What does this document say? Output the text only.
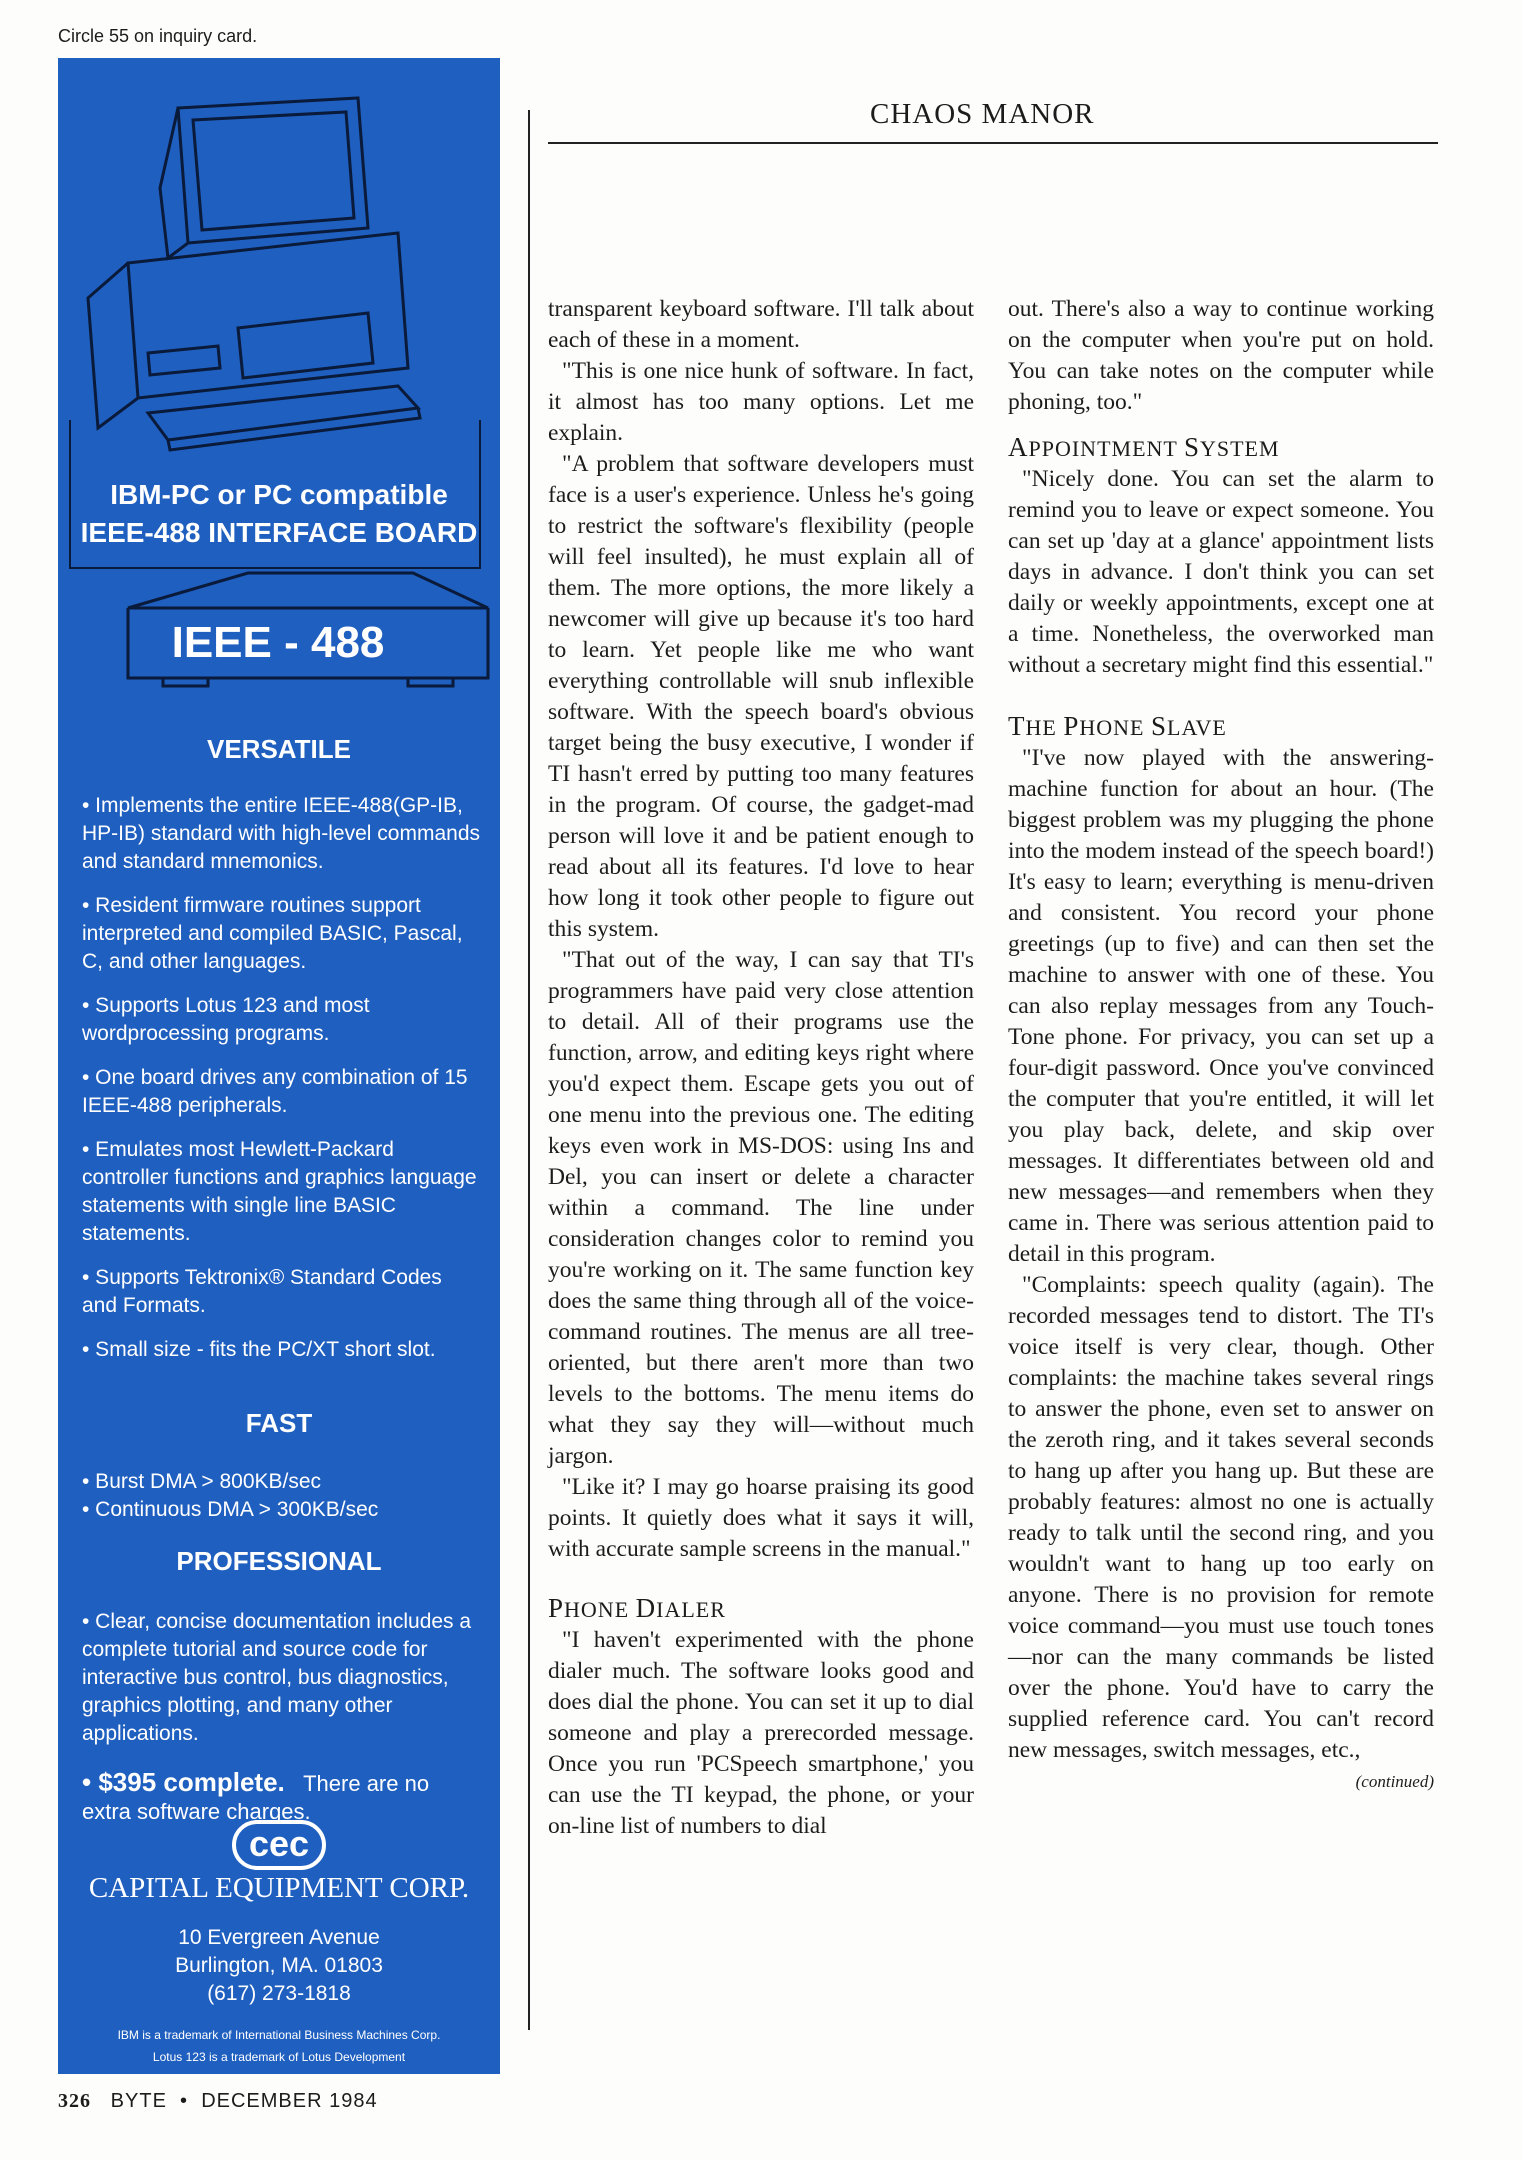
Circle 55 on inquiry card.
IBM-PC or PC compatible
IEEE-488 INTERFACE BOARD
IEEE - 488
VERSATILE

• Implements the entire IEEE-488(GP-IB, HP-IB) standard with high-level commands and standard mnemonics.

• Resident firmware routines support interpreted and compiled BASIC, Pascal, C, and other languages.

• Supports Lotus 123 and most wordprocessing programs.

• One board drives any combination of 15 IEEE-488 peripherals.

• Emulates most Hewlett-Packard controller functions and graphics language statements with single line BASIC statements.

• Supports Tektronix® Standard Codes and Formats.

• Small size - fits the PC/XT short slot.

FAST

• Burst DMA > 800KB/sec

• Continuous DMA > 300KB/sec

PROFESSIONAL

• Clear, concise documentation includes a complete tutorial and source code for interactive bus control, bus diagnostics, graphics plotting, and many other applications.

• $395 complete. There are no extra software charges.

cec
CAPITAL EQUIPMENT CORP.
10 Evergreen Avenue
Burlington, MA. 01803
(617) 273-1818
IBM is a trademark of International Business Machines Corp.
Lotus 123 is a trademark of Lotus Development
CHAOS MANOR

transparent keyboard software. I'll talk about each of these in a moment.

"This is one nice hunk of software. In fact, it almost has too many options. Let me explain.

"A problem that software developers must face is a user's experience. Unless he's going to restrict the software's flexibility (people will feel insulted), he must explain all of them. The more options, the more likely a newcomer will give up because it's too hard to learn. Yet people like me who want everything controllable will snub inflexible software. With the speech board's obvious target being the busy executive, I wonder if TI hasn't erred by putting too many features in the program. Of course, the gadget-mad person will love it and be patient enough to read about all its features. I'd love to hear how long it took other people to figure out this system.

"That out of the way, I can say that TI's programmers have paid very close attention to detail. All of their programs use the function, arrow, and editing keys right where you'd expect them. Escape gets you out of one menu into the previous one. The editing keys even work in MS-DOS: using Ins and Del, you can insert or delete a character within a command. The line under consideration changes color to remind you you're working on it. The same function key does the same thing through all of the voice-command routines. The menus are all tree-oriented, but there aren't more than two levels to the bottoms. The menu items do what they say they will—without much jargon.

"Like it? I may go hoarse praising its good points. It quietly does what it says it will, with accurate sample screens in the manual."

PHONE DIALER

"I haven't experimented with the phone dialer much. The software looks good and does dial the phone. You can set it up to dial someone and play a prerecorded message. Once you run 'PCSpeech smartphone,' you can use the TI keypad, the phone, or your on-line list of numbers to dial

out. There's also a way to continue working on the computer when you're put on hold. You can take notes on the computer while phoning, too."

APPOINTMENT SYSTEM

"Nicely done. You can set the alarm to remind you to leave or expect someone. You can set up 'day at a glance' appointment lists days in advance. I don't think you can set daily or weekly appointments, except one at a time. Nonetheless, the overworked man without a secretary might find this essential."

THE PHONE SLAVE

"I've now played with the answering-machine function for about an hour. (The biggest problem was my plugging the phone into the modem instead of the speech board!) It's easy to learn; everything is menu-driven and consistent. You record your phone greetings (up to five) and can then set the machine to answer with one of these. You can also replay messages from any Touch-Tone phone. For privacy, you can set up a four-digit password. Once you've convinced the computer that you're entitled, it will let you play back, delete, and skip over messages. It differentiates between old and new messages—and remembers when they came in. There was serious attention paid to detail in this program.

"Complaints: speech quality (again). The recorded messages tend to distort. The TI's voice itself is very clear, though. Other complaints: the machine takes several rings to answer the phone, even set to answer on the zeroth ring, and it takes several seconds to hang up after you hang up. But these are probably features: almost no one is actually ready to talk until the second ring, and you wouldn't want to hang up too early on anyone. There is no provision for remote voice command—you must use touch tones—nor can the many commands be listed over the phone. You'd have to carry the supplied reference card. You can't record new messages, switch messages, etc.,

(continued)

326 BYTE • DECEMBER 1984
